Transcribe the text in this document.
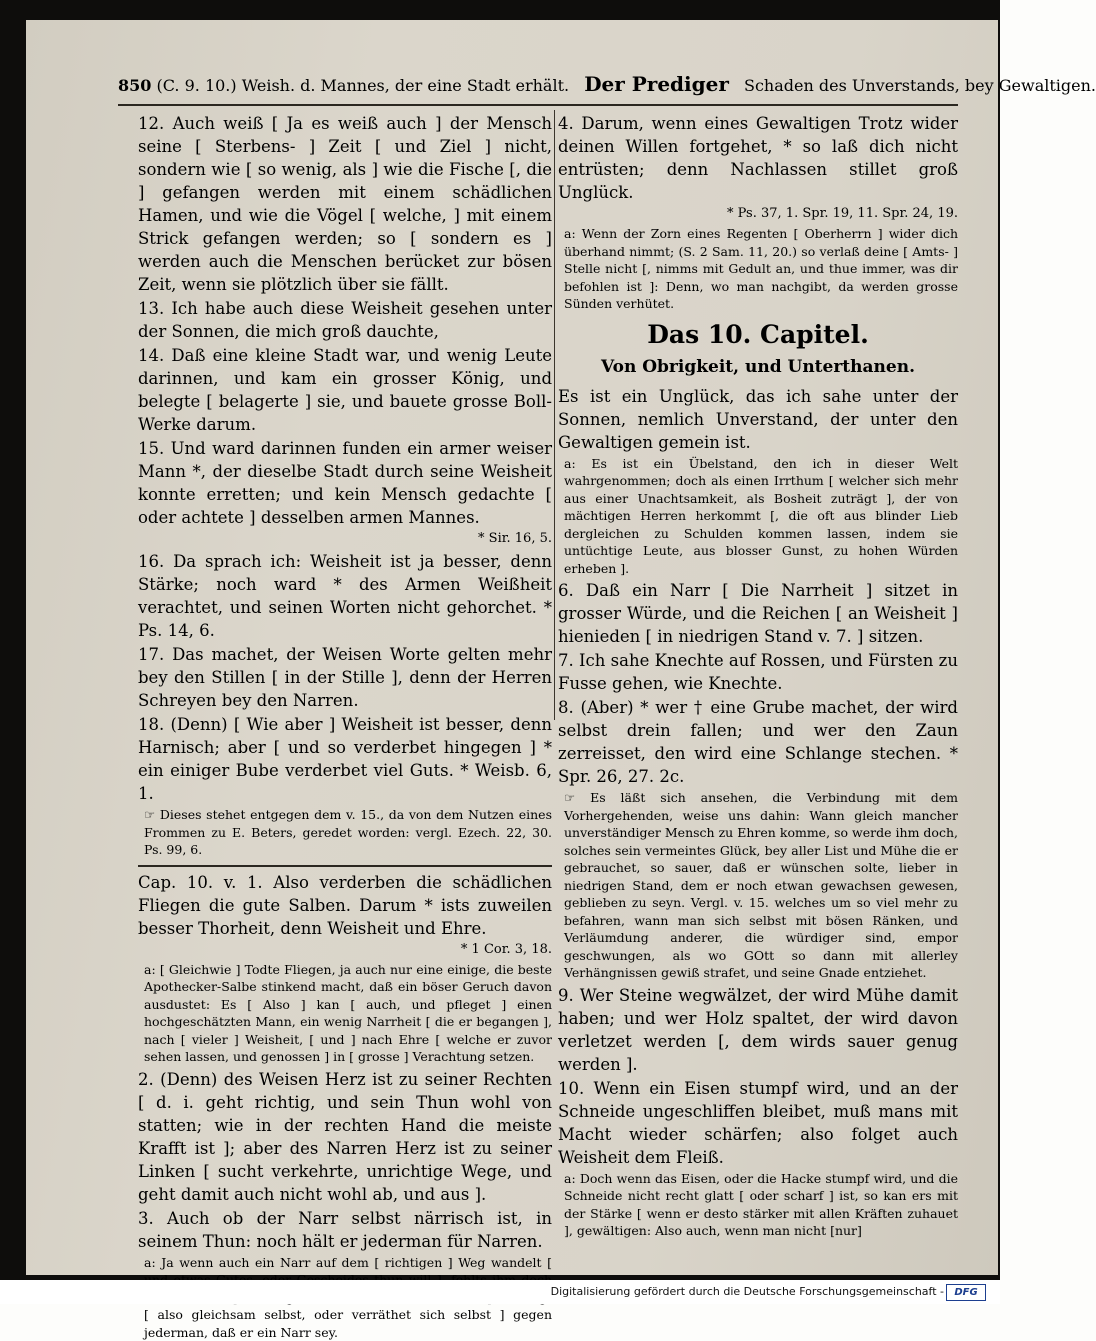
850 (C. 9. 10.) Weish. d. Mannes, der eine Stadt erhält. Der Prediger Schaden des Unverstands, bey Gewaltigen.

12. Auch weiß [ Ja es weiß auch ] der Mensch seine [ Sterbens- ] Zeit [ und Ziel ] nicht, sondern wie [ so wenig, als ] wie die Fische [, die ] gefangen werden mit einem schädlichen Hamen, und wie die Vögel [ welche, ] mit einem Strick gefangen werden; so [ sondern es ] werden auch die Menschen berücket zur bösen Zeit, wenn sie plötzlich über sie fällt.

13. Ich habe auch diese Weisheit gesehen unter der Sonnen, die mich groß dauchte,

14. Daß eine kleine Stadt war, und wenig Leute darinnen, und kam ein grosser König, und belegte [ belagerte ] sie, und bauete grosse Boll-Werke darum.

15. Und ward darinnen funden ein armer weiser Mann *, der dieselbe Stadt durch seine Weisheit konnte erretten; und kein Mensch gedachte [ oder achtete ] desselben armen Mannes.

* Sir. 16, 5.

16. Da sprach ich: Weisheit ist ja besser, denn Stärke; noch ward * des Armen Weißheit verachtet, und seinen Worten nicht gehorchet. * Ps. 14, 6.

17. Das machet, der Weisen Worte gelten mehr bey den Stillen [ in der Stille ], denn der Herren Schreyen bey den Narren.

18. (Denn) [ Wie aber ] Weisheit ist besser, denn Harnisch; aber [ und so verderbet hingegen ] * ein einiger Bube verderbet viel Guts. * Weisb. 6, 1.

☞ Dieses stehet entgegen dem v. 15., da von dem Nutzen eines Frommen zu E. Beters, geredet worden: vergl. Ezech. 22, 30. Ps. 99, 6.

Cap. 10. v. 1. Also verderben die schädlichen Fliegen die gute Salben. Darum * ists zuweilen besser Thorheit, denn Weisheit und Ehre.

* 1 Cor. 3, 18.

a: [ Gleichwie ] Todte Fliegen, ja auch nur eine einige, die beste Apothecker-Salbe stinkend macht, daß ein böser Geruch davon ausdustet: Es [ Also ] kan [ auch, und pfleget ] einen hochgeschätzten Mann, ein wenig Narrheit [ die er begangen ], nach [ vieler ] Weisheit, [ und ] nach Ehre [ welche er zuvor sehen lassen, und genossen ] in [ grosse ] Verachtung setzen.

2. (Denn) des Weisen Herz ist zu seiner Rechten [ d. i. geht richtig, und sein Thun wohl von statten; wie in der rechten Hand die meiste Krafft ist ]; aber des Narren Herz ist zu seiner Linken [ sucht verkehrte, unrichtige Wege, und geht damit auch nicht wohl ab, und aus ].

3. Auch ob der Narr selbst närrisch ist, in seinem Thun: noch hält er jederman für Narren.

a: Ja wenn auch ein Narr auf dem [ richtigen ] Weg wandelt [ [ also gleichsam selbst, oder verräthet sich selbst ] gegen jederman, daß er ein Narr sey.

4. Darum, wenn eines Gewaltigen Trotz wider deinen Willen fortgehet, * so laß dich nicht entrüsten; denn Nachlassen stillet groß Unglück.

* Ps. 37, 1. Spr. 19, 11. Spr. 24, 19.

a: Wenn der Zorn eines Regenten [ Oberherrn ] wider dich überhand nimmt; (S. 2 Sam. 11, 20.) so verlaß deine [ Amts- ] Stelle nicht [, nimms mit Gedult an, und thue immer, was dir befohlen ist ]: Denn, wo man nachgibt, da werden grosse Sünden verhütet.

Das 10. Capitel.
Von Obrigkeit, und Unterthanen.

Es ist ein Unglück, das ich sahe unter der Sonnen, nemlich Unverstand, der unter den Gewaltigen gemein ist.

a: Es ist ein Übelstand, den ich in dieser Welt wahrgenommen; doch als einen Irrthum [ welcher sich mehr aus einer Unachtsamkeit, als Bosheit zuträgt ], der von mächtigen Herren herkommt [, die oft aus blinder Lieb dergleichen zu Schulden kommen lassen, indem sie untüchtige Leute, aus blosser Gunst, zu hohen Würden erheben ].

6. Daß ein Narr [ Die Narrheit ] sitzet in grosser Würde, und die Reichen [ an Weisheit ] hienieden [ in niedrigen Stand v. 7. ] sitzen.

7. Ich sahe Knechte auf Rossen, und Fürsten zu Fusse gehen, wie Knechte.

8. (Aber) * wer † eine Grube machet, der wird selbst drein fallen; und wer den Zaun zerreisset, den wird eine Schlange stechen. * Spr. 26, 27. 2c.

☞ Es läßt sich ansehen, die Verbindung mit dem Vorhergehenden, weise uns dahin: Wann gleich mancher unverständiger Mensch zu Ehren komme, so werde ihm doch, solches sein vermeintes Glück, bey aller List und Mühe die er gebrauchet, so sauer, daß er wünschen solte, lieber in niedrigen Stand, dem er noch etwan gewachsen gewesen, geblieben zu seyn. Vergl. v. 15. welches um so viel mehr zu befahren, wann man sich selbst mit bösen Ränken, und Verläumdung anderer, die würdiger sind, empor geschwungen, als wo GOtt so dann mit allerley Verhängnissen gewiß strafet, und seine Gnade entziehet.

9. Wer Steine wegwälzet, der wird Mühe damit haben; und wer Holz spaltet, der wird davon verletzet werden [, dem wirds sauer genug werden ].

10. Wenn ein Eisen stumpf wird, und an der Schneide ungeschliffen bleibet, muß mans mit Macht wieder schärfen; also folget auch Weisheit dem Fleiß.

a: Doch wenn das Eisen, oder die Hacke stumpf wird, und die Schneide nicht recht glatt [ oder scharf ] ist, so kan ers mit der Stärke [ wenn er desto stärker mit allen Kräften zuhauet ], gewältigen: Also auch, wenn man nicht [nur]

Digitalisierung gefördert durch die Deutsche Forschungsgemeinschaft -	DFG
